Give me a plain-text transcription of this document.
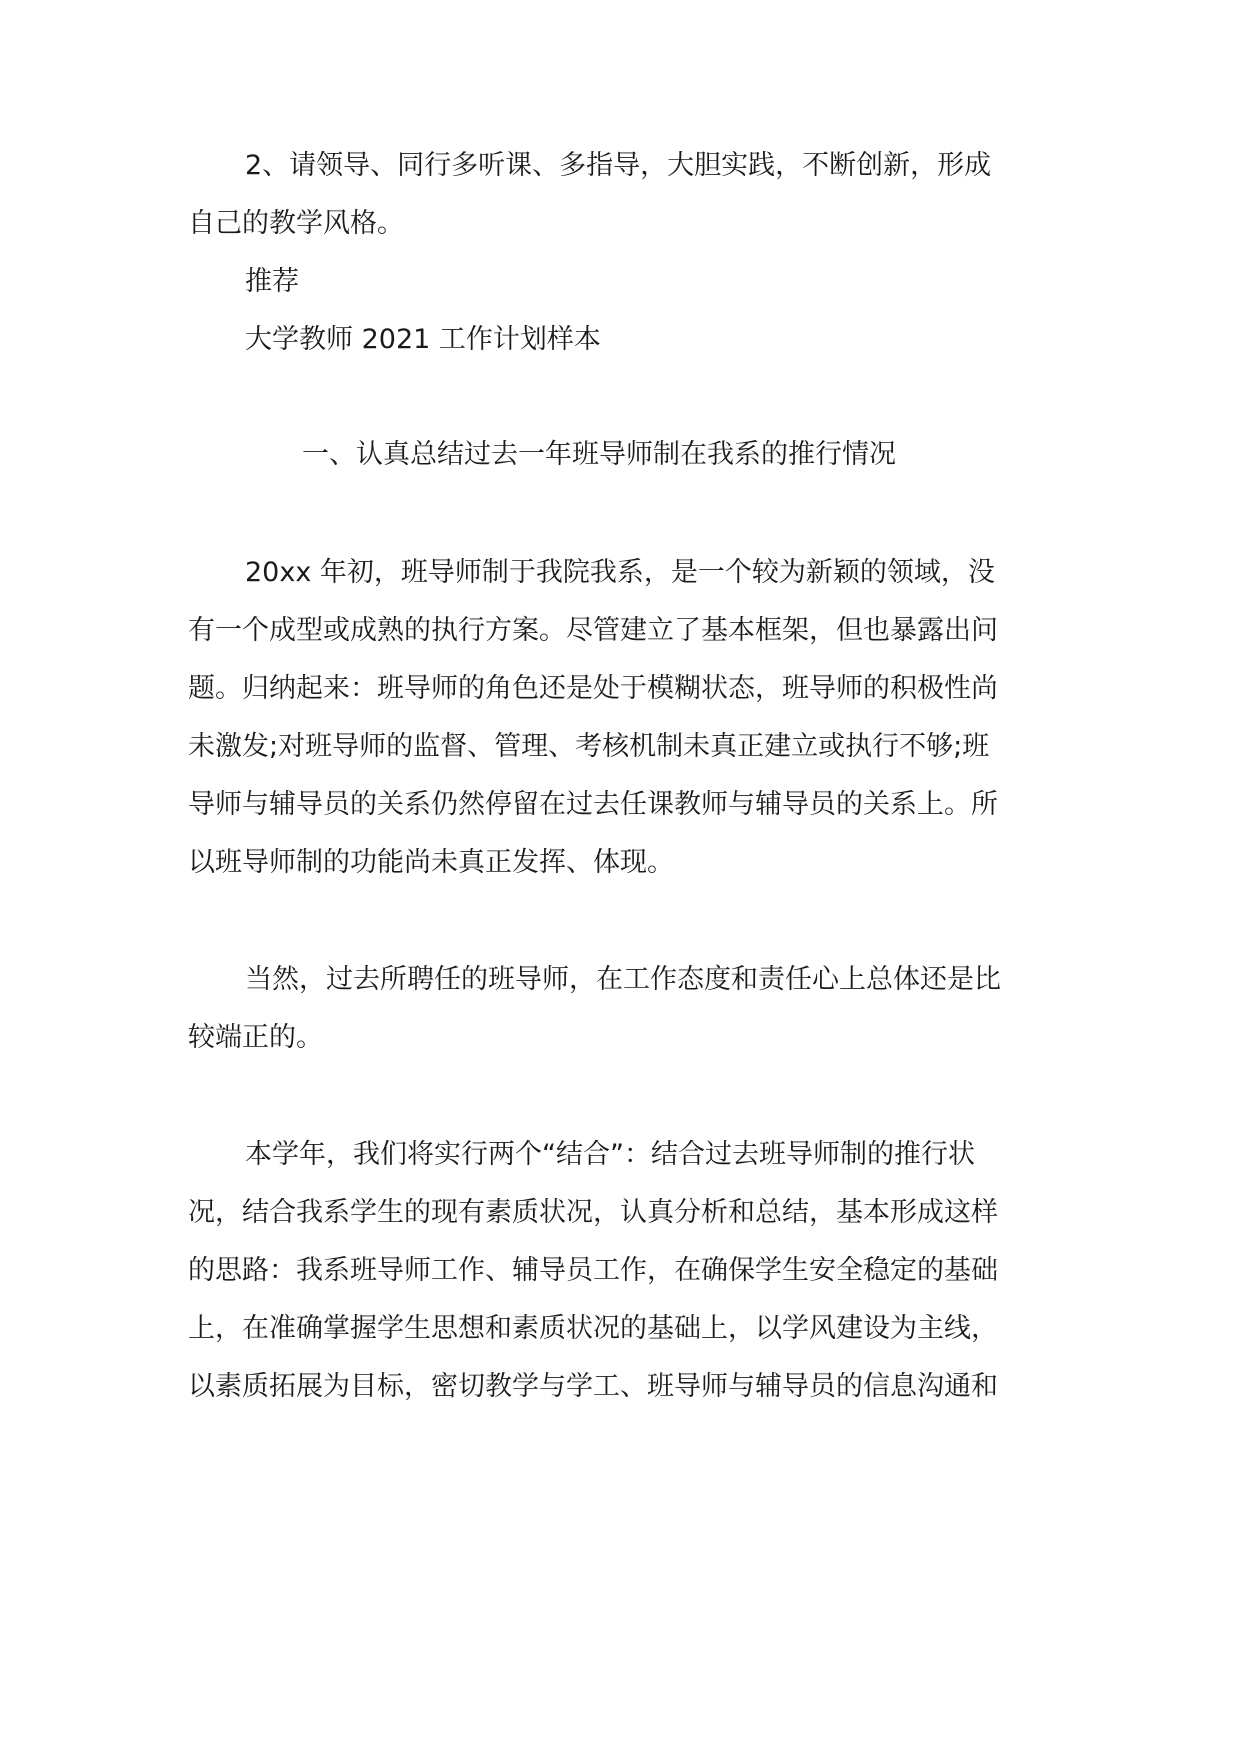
2、请领导、同行多听课、多指导，大胆实践，不断创新，形成
自己的教学风格。
推荐
大学教师 2021 工作计划样本
一、认真总结过去一年班导师制在我系的推行情况
20xx 年初，班导师制于我院我系，是一个较为新颖的领域，没
有一个成型或成熟的执行方案。尽管建立了基本框架，但也暴露出问
题。归纳起来：班导师的角色还是处于模糊状态，班导师的积极性尚
未激发;对班导师的监督、管理、考核机制未真正建立或执行不够;班
导师与辅导员的关系仍然停留在过去任课教师与辅导员的关系上。所
以班导师制的功能尚未真正发挥、体现。
当然，过去所聘任的班导师，在工作态度和责任心上总体还是比
较端正的。
本学年，我们将实行两个“结合”：结合过去班导师制的推行状
况，结合我系学生的现有素质状况，认真分析和总结，基本形成这样
的思路：我系班导师工作、辅导员工作，在确保学生安全稳定的基础
上，在准确掌握学生思想和素质状况的基础上，以学风建设为主线，
以素质拓展为目标，密切教学与学工、班导师与辅导员的信息沟通和
